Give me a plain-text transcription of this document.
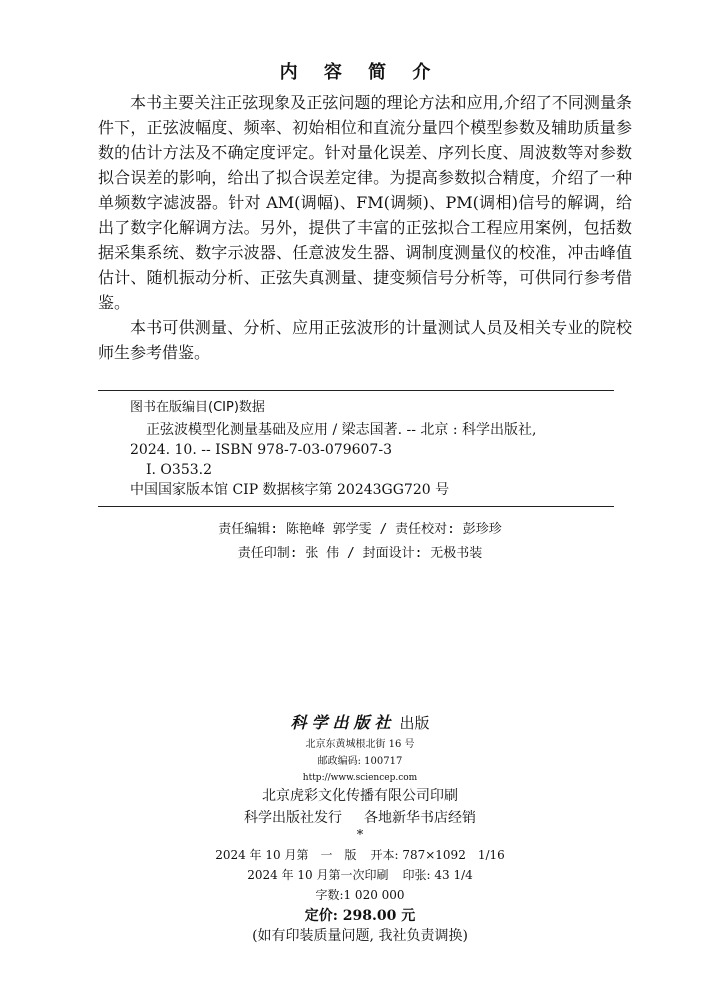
内 容 简 介

本书主要关注正弦现象及正弦问题的理论方法和应用,介绍了不同测量条件下，正弦波幅度、频率、初始相位和直流分量四个模型参数及辅助质量参数的估计方法及不确定度评定。针对量化误差、序列长度、周波数等对参数拟合误差的影响，给出了拟合误差定律。为提高参数拟合精度，介绍了一种单频数字滤波器。针对 AM(调幅)、FM(调频)、PM(调相)信号的解调，给出了数字化解调方法。另外，提供了丰富的正弦拟合工程应用案例，包括数据采集系统、数字示波器、任意波发生器、调制度测量仪的校准，冲击峰值估计、随机振动分析、正弦失真测量、捷变频信号分析等，可供同行参考借鉴。

本书可供测量、分析、应用正弦波形的计量测试人员及相关专业的院校师生参考借鉴。

图书在版编目(CIP)数据
正弦波模型化测量基础及应用 / 梁志国著. -- 北京 : 科学出版社,
2024. 10. -- ISBN 978-7-03-079607-3
I. O353.2
中国国家版本馆 CIP 数据核字第 20243GG720 号
责任编辑: 陈艳峰 郭学雯 / 责任校对: 彭珍珍
责任印制: 张 伟 / 封面设计: 无极书装
科学出版社 出版
北京东黄城根北街 16 号
邮政编码: 100717
http://www.sciencep.com
北京虎彩文化传播有限公司印刷
科学出版社发行 各地新华书店经销
*
2024 年 10 月第　一　版 开本: 787×1092　1/16
2024 年 10 月第一次印刷 印张: 43 1/4
字数:1 020 000
定价: 298.00 元
(如有印装质量问题, 我社负责调换)
